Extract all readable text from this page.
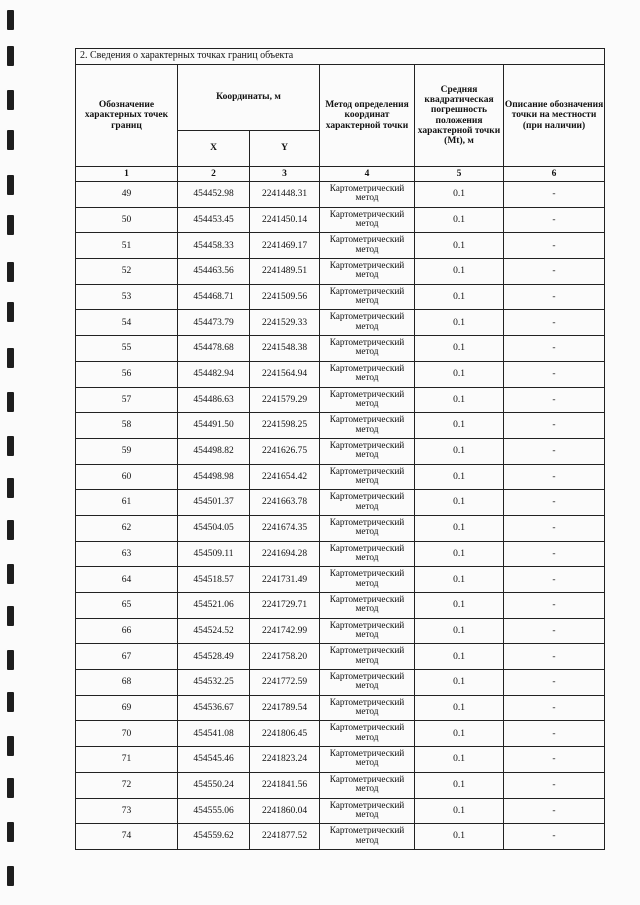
2. Сведения о характерных точках границ объекта					
Обозначение характерных точек границ	Координаты, м		Метод определения координат характерной точки	Средняя квадратическая погрешность положения характерной точки (Mt), м	Описание обозначения точки на местности (при наличии)
	X	Y			
1	2	3	4	5	6
49	454452.98	2241448.31	Картометрический метод	0.1	-
50	454453.45	2241450.14	Картометрический метод	0.1	-
51	454458.33	2241469.17	Картометрический метод	0.1	-
52	454463.56	2241489.51	Картометрический метод	0.1	-
53	454468.71	2241509.56	Картометрический метод	0.1	-
54	454473.79	2241529.33	Картометрический метод	0.1	-
55	454478.68	2241548.38	Картометрический метод	0.1	-
56	454482.94	2241564.94	Картометрический метод	0.1	-
57	454486.63	2241579.29	Картометрический метод	0.1	-
58	454491.50	2241598.25	Картометрический метод	0.1	-
59	454498.82	2241626.75	Картометрический метод	0.1	-
60	454498.98	2241654.42	Картометрический метод	0.1	-
61	454501.37	2241663.78	Картометрический метод	0.1	-
62	454504.05	2241674.35	Картометрический метод	0.1	-
63	454509.11	2241694.28	Картометрический метод	0.1	-
64	454518.57	2241731.49	Картометрический метод	0.1	-
65	454521.06	2241729.71	Картометрический метод	0.1	-
66	454524.52	2241742.99	Картометрический метод	0.1	-
67	454528.49	2241758.20	Картометрический метод	0.1	-
68	454532.25	2241772.59	Картометрический метод	0.1	-
69	454536.67	2241789.54	Картометрический метод	0.1	-
70	454541.08	2241806.45	Картометрический метод	0.1	-
71	454545.46	2241823.24	Картометрический метод	0.1	-
72	454550.24	2241841.56	Картометрический метод	0.1	-
73	454555.06	2241860.04	Картометрический метод	0.1	-
74	454559.62	2241877.52	Картометрический метод	0.1	-
